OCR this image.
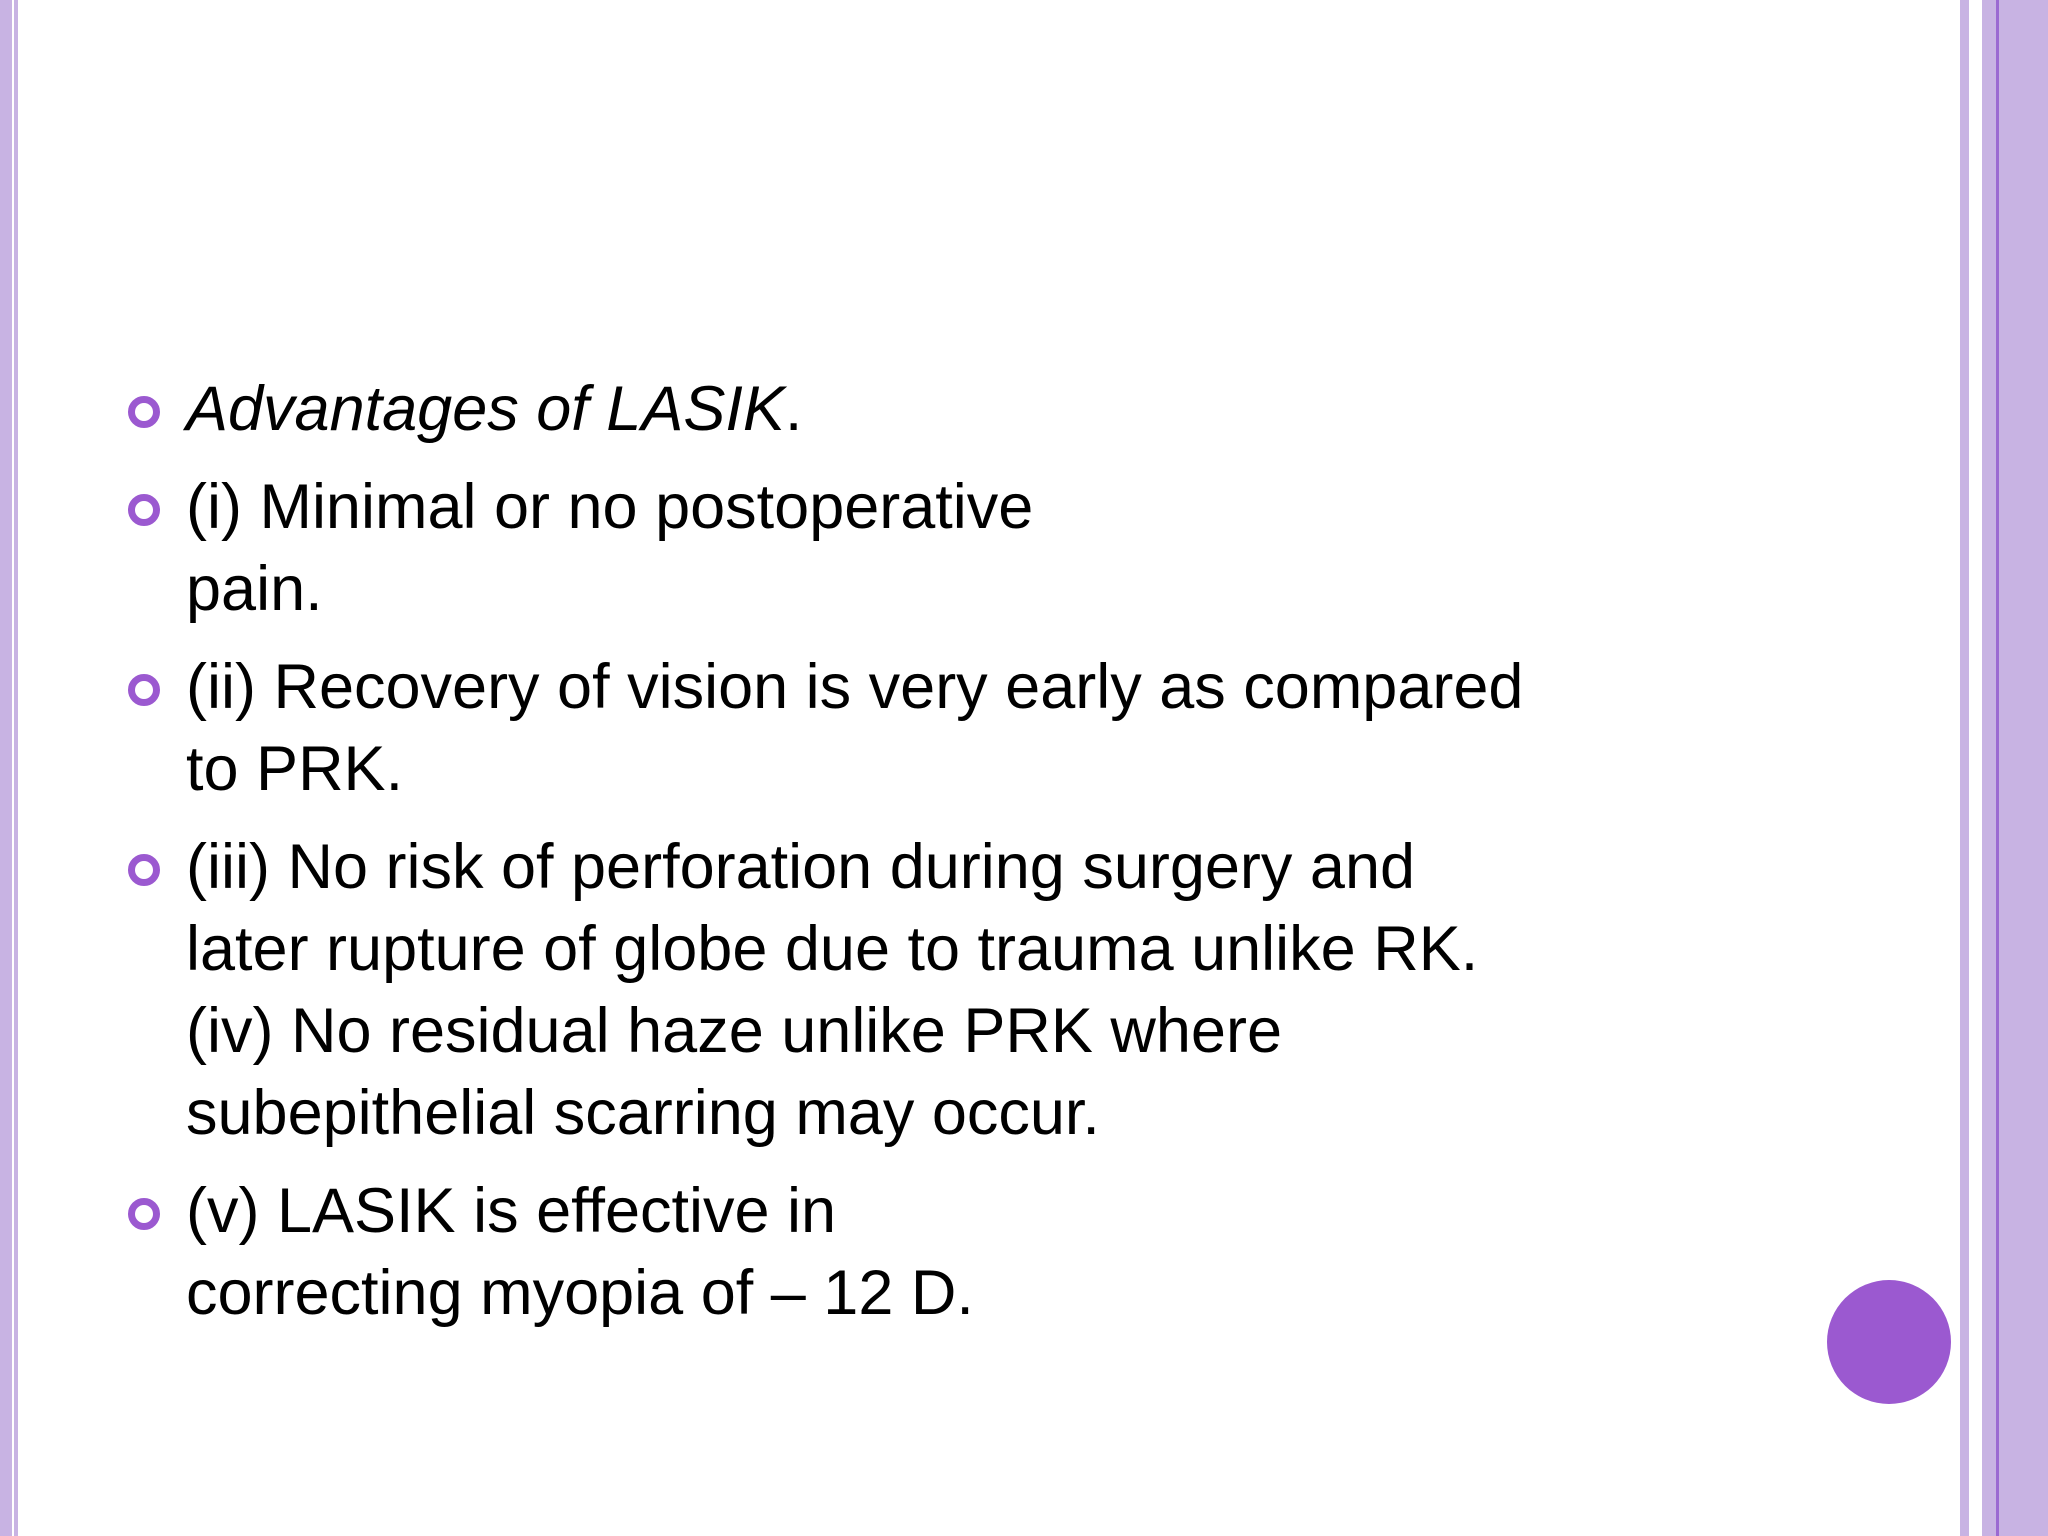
Advantages of LASIK.
(i) Minimal or no postoperative
pain.
(ii) Recovery of vision is very early as compared
to PRK.
(iii) No risk of perforation during surgery and
later rupture of globe due to trauma unlike RK.
(iv) No residual haze unlike PRK where
subepithelial scarring may occur.
(v) LASIK is effective in
correcting myopia of – 12 D.
